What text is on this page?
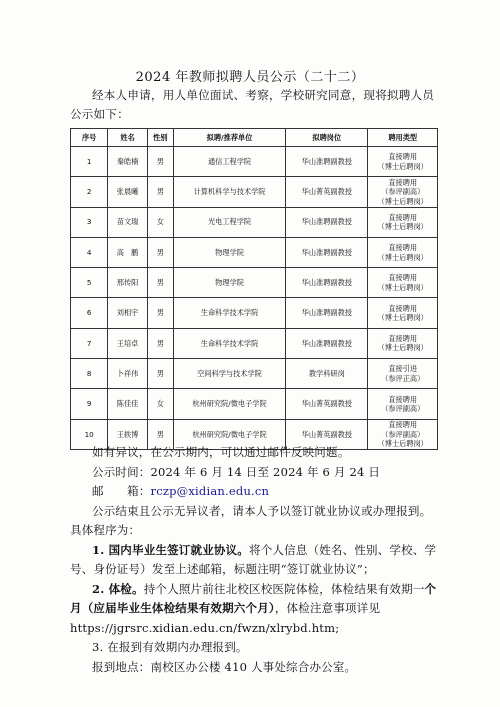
2024 年教师拟聘人员公示（二十二）
经本人申请，用人单位面试、考察，学校研究同意，现将拟聘人员公示如下：
序号	姓名	性别	拟聘/推荐单位	拟聘岗位	聘用类型
1	秦皓楠	男	通信工程学院	华山准聘副教授	直接聘用
（博士后聘岗）

2	张晨曦	男	计算机科学与技术学院	华山菁英副教授	直接聘用
（参评副高）
（博士后聘岗）

3	苗文瑞	女	光电工程学院	华山准聘副教授	直接聘用
（博士后聘岗）

4	高　鹏	男	物理学院	华山准聘副教授	直接聘用
（博士后聘岗）

5	邢传阳	男	物理学院	华山准聘副教授	直接聘用
（博士后聘岗）

6	刘相宇	男	生命科学技术学院	华山准聘副教授	直接聘用
（博士后聘岗）

7	王培卓	男	生命科学技术学院	华山准聘副教授	直接聘用
（博士后聘岗）

8	卜祥伟	男	空间科学与技术学院	教学科研岗	直接引进
（参评正高）

9	陈佳佳	女	杭州研究院/微电子学院	华山菁英副教授	直接聘用
（参评副高）

10	王轶博	男	杭州研究院/微电子学院	华山菁英副教授	直接聘用
（参评副高）
（博士后聘岗）

如有异议，在公示期内，可以通过邮件反映问题。

公示时间：2024 年 6 月 14 日至 2024 年 6 月 24 日

邮　　箱：rczp@xidian.edu.cn

公示结束且公示无异议者，请本人予以签订就业协议或办理报到。具体程序为：

1. 国内毕业生签订就业协议。将个人信息（姓名、性别、学校、学号、身份证号）发至上述邮箱，标题注明“签订就业协议”；

2. 体检。持个人照片前往北校区校医院体检，体检结果有效期一个月（应届毕业生体检结果有效期六个月），体检注意事项详见https://jgrsrc.xidian.edu.cn/fwzn/xlrybd.htm;

3. 在报到有效期内办理报到。

报到地点：南校区办公楼 410 人事处综合办公室。
